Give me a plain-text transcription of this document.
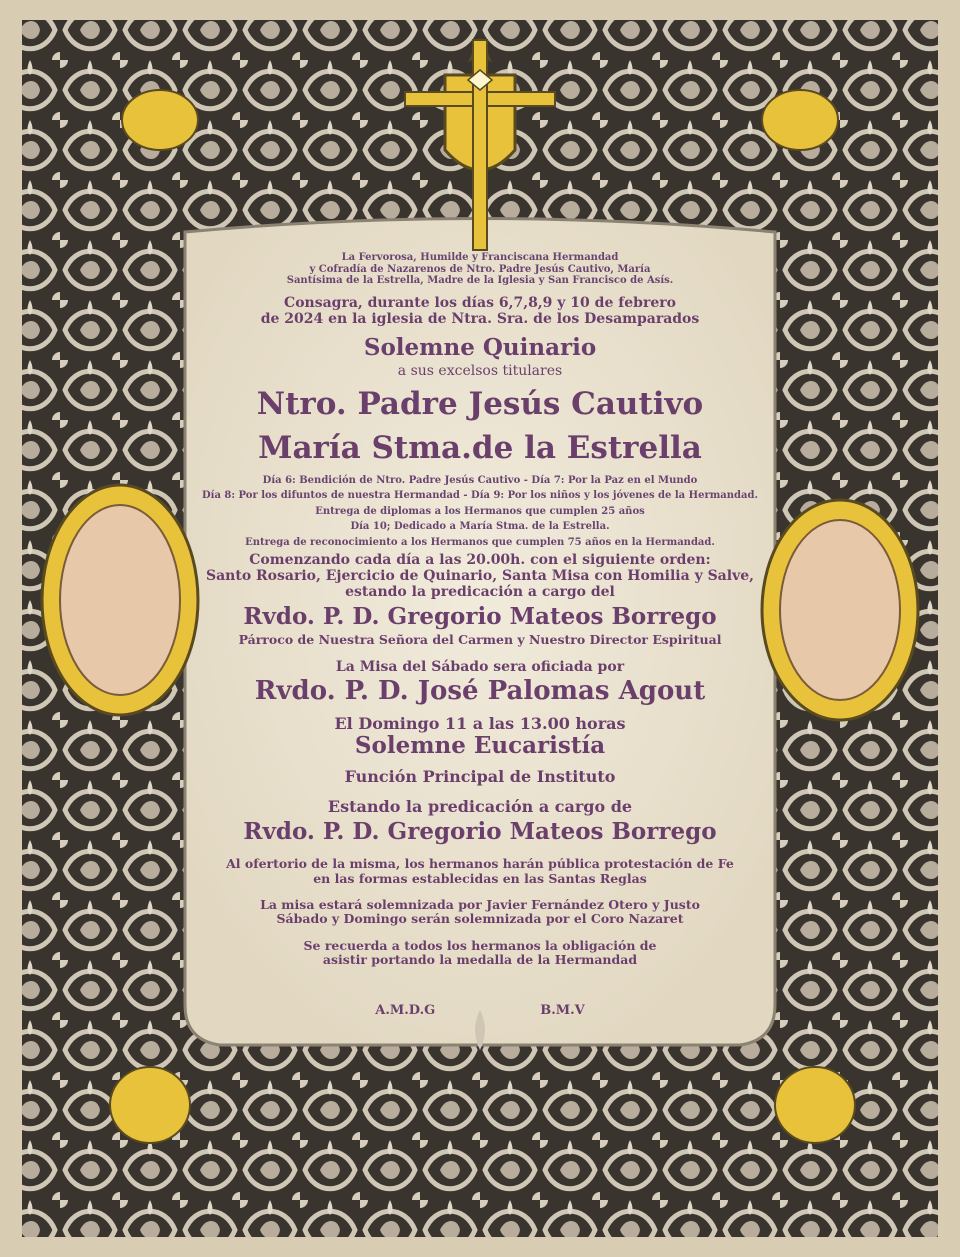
La Fervorosa, Humilde y Franciscana Hermandad

y Cofradía de Nazarenos de Ntro. Padre Jesús Cautivo, María

Santísima de la Estrella, Madre de la Iglesia y San Francisco de Asís.

Consagra, durante los días 6,7,8,9 y 10 de febrero

de 2024 en la iglesia de Ntra. Sra. de los Desamparados

Solemne Quinario

a sus excelsos titulares

Ntro. Padre Jesús Cautivo

María Stma.de la Estrella

Día 6: Bendición de Ntro. Padre Jesús Cautivo - Día 7: Por la Paz en el Mundo

Día 8: Por los difuntos de nuestra Hermandad - Día 9: Por los niños y los jóvenes de la Hermandad.

Entrega de diplomas a los Hermanos que cumplen 25 años

Día 10; Dedicado a María Stma. de la Estrella.

Entrega de reconocimiento a los Hermanos que cumplen 75 años en la Hermandad.

Comenzando cada día a las 20.00h. con el siguiente orden:

Santo Rosario, Ejercicio de Quinario, Santa Misa con Homilia y Salve,

estando la predicación a cargo del

Rvdo. P. D. Gregorio Mateos Borrego

Párroco de Nuestra Señora del Carmen y Nuestro Director Espiritual

La Misa del Sábado sera oficiada por

Rvdo. P. D. José Palomas Agout

El Domingo 11 a las 13.00 horas

Solemne Eucaristía

Función Principal de Instituto

Estando la predicación a cargo de

Rvdo. P. D. Gregorio Mateos Borrego

Al ofertorio de la misma, los hermanos harán pública protestación de Fe

en las formas establecidas en las Santas Reglas

La misa estará solemnizada por Javier Fernández Otero y Justo

Sábado y Domingo serán solemnizada por el Coro Nazaret

Se recuerda a todos los hermanos la obligación de

asistir portando la medalla de la Hermandad

A.M.D.G	B.M.V
